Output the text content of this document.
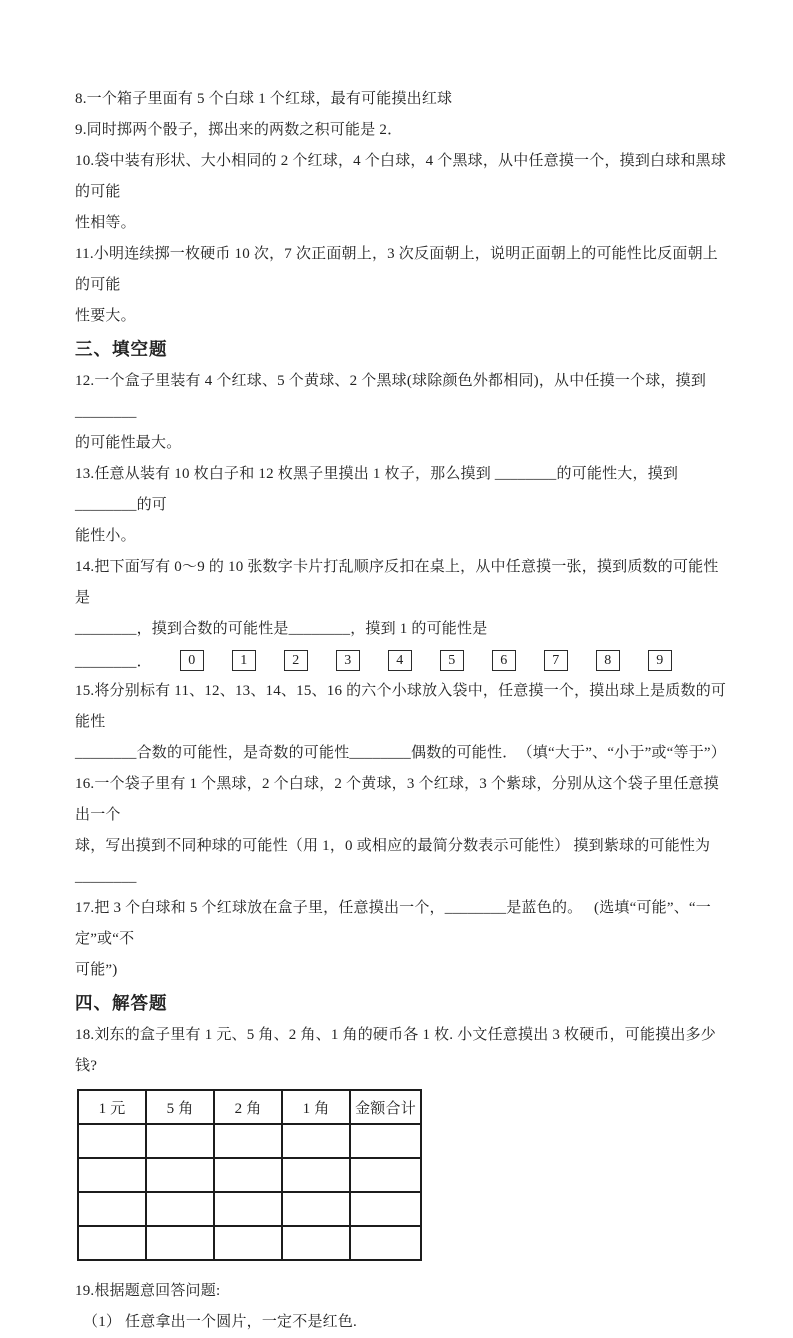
8.一个箱子里面有 5 个白球 1 个红球，最有可能摸出红球
9.同时掷两个骰子，掷出来的两数之积可能是 2．
10.袋中装有形状、大小相同的 2 个红球，4 个白球，4 个黑球，从中任意摸一个，摸到白球和黑球的可能
性相等。
11.小明连续掷一枚硬币 10 次，7 次正面朝上，3 次反面朝上，说明正面朝上的可能性比反面朝上的可能
性要大。
三、填空题
12.一个盒子里装有 4 个红球、5 个黄球、2 个黑球(球除颜色外都相同)，从中任摸一个球，摸到________
的可能性最大。
13.任意从装有 10 枚白子和 12 枚黑子里摸出 1 枚子，那么摸到 ________的可能性大，摸到________的可
能性小。
14.把下面写有 0～9 的 10 张数字卡片打乱顺序反扣在桌上，从中任意摸一张，摸到质数的可能性是
________，摸到合数的可能性是________，摸到 1 的可能性是
________．	0	1	2	3	4	5	6	7	8	9
15.将分别标有 11、12、13、14、15、16 的六个小球放入袋中，任意摸一个，摸出球上是质数的可能性
________合数的可能性，是奇数的可能性________偶数的可能性．　（填“大于”、“小于”或“等于”）
16.一个袋子里有 1 个黑球，2 个白球，2 个黄球，3 个红球，3 个紫球，分别从这个袋子里任意摸出一个
球，写出摸到不同种球的可能性（用 1，0 或相应的最简分数表示可能性） 摸到紫球的可能性为________
17.把 3 个白球和 5 个红球放在盒子里，任意摸出一个，________是蓝色的。　 (选填“可能”、“一定”或“不
可能”)
四、解答题
18.刘东的盒子里有 1 元、5 角、2 角、1 角的硬币各 1 枚. 小文任意摸出 3 枚硬币，可能摸出多少钱?
1 元	5 角	2 角	1 角	金额合计

19.根据题意回答问题:
（1） 任意拿出一个圆片，一定不是红色.
